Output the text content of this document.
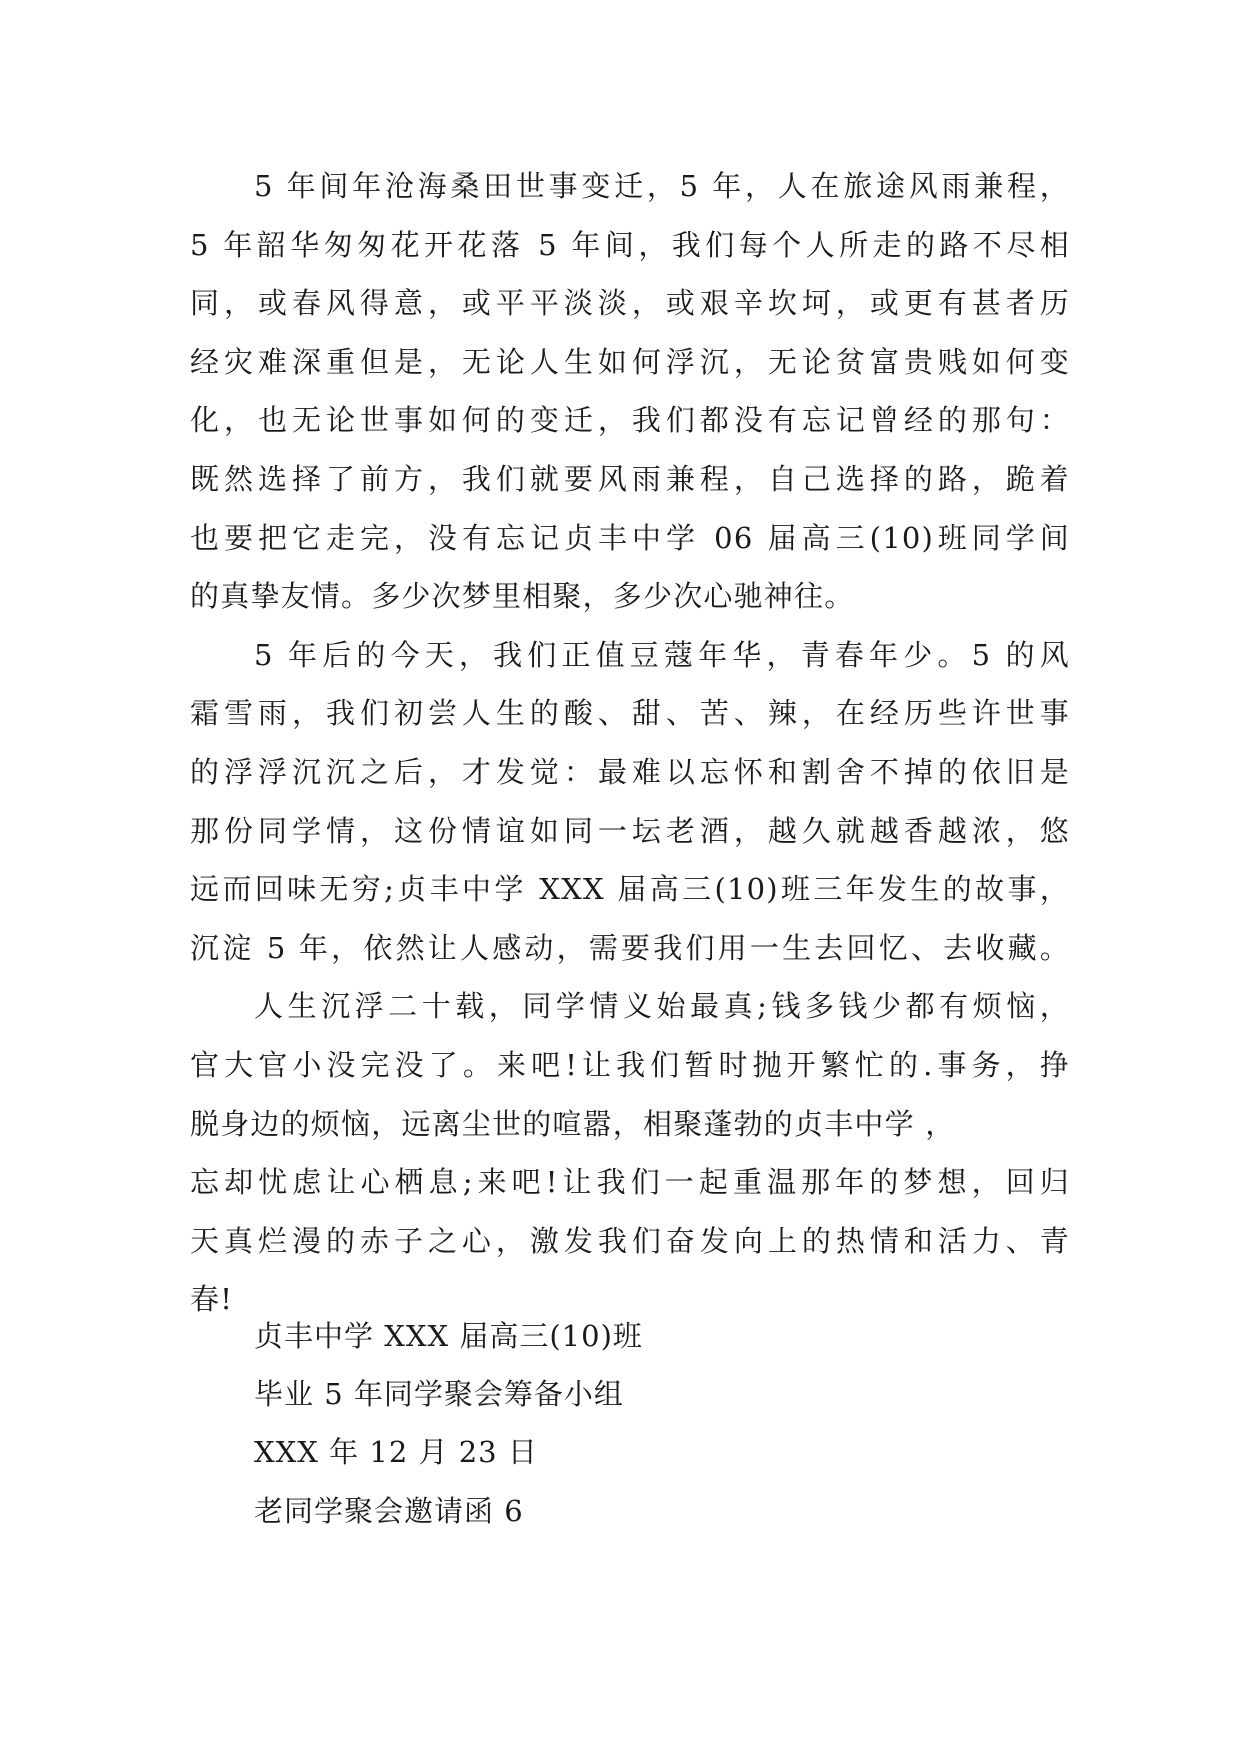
5 年间年沧海桑田世事变迁，5 年，人在旅途风雨兼程，
5 年韶华匆匆花开花落 5 年间，我们每个人所走的路不尽相
同，或春风得意，或平平淡淡，或艰辛坎坷，或更有甚者历
经灾难深重但是，无论人生如何浮沉，无论贫富贵贱如何变
化，也无论世事如何的变迁，我们都没有忘记曾经的那句：
既然选择了前方，我们就要风雨兼程，自己选择的路，跪着
也要把它走完，没有忘记贞丰中学 06 届高三(10)班同学间
的真挚友情。多少次梦里相聚，多少次心驰神往。
5 年后的今天，我们正值豆蔻年华，青春年少。5 的风
霜雪雨，我们初尝人生的酸、甜、苦、辣，在经历些许世事
的浮浮沉沉之后，才发觉：最难以忘怀和割舍不掉的依旧是
那份同学情，这份情谊如同一坛老酒，越久就越香越浓，悠
远而回味无穷;贞丰中学 XXX 届高三(10)班三年发生的故事，
沉淀 5 年，依然让人感动，需要我们用一生去回忆、去收藏。
人生沉浮二十载，同学情义始最真;钱多钱少都有烦恼，
官大官小没完没了。来吧!让我们暂时抛开繁忙的.事务，挣
脱身边的烦恼，远离尘世的喧嚣，相聚蓬勃的贞丰中学 ，
忘却忧虑让心栖息;来吧!让我们一起重温那年的梦想，回归
天真烂漫的赤子之心，激发我们奋发向上的热情和活力、青
春!
贞丰中学 XXX 届高三(10)班
毕业 5 年同学聚会筹备小组
XXX 年 12 月 23 日
老同学聚会邀请函 6
